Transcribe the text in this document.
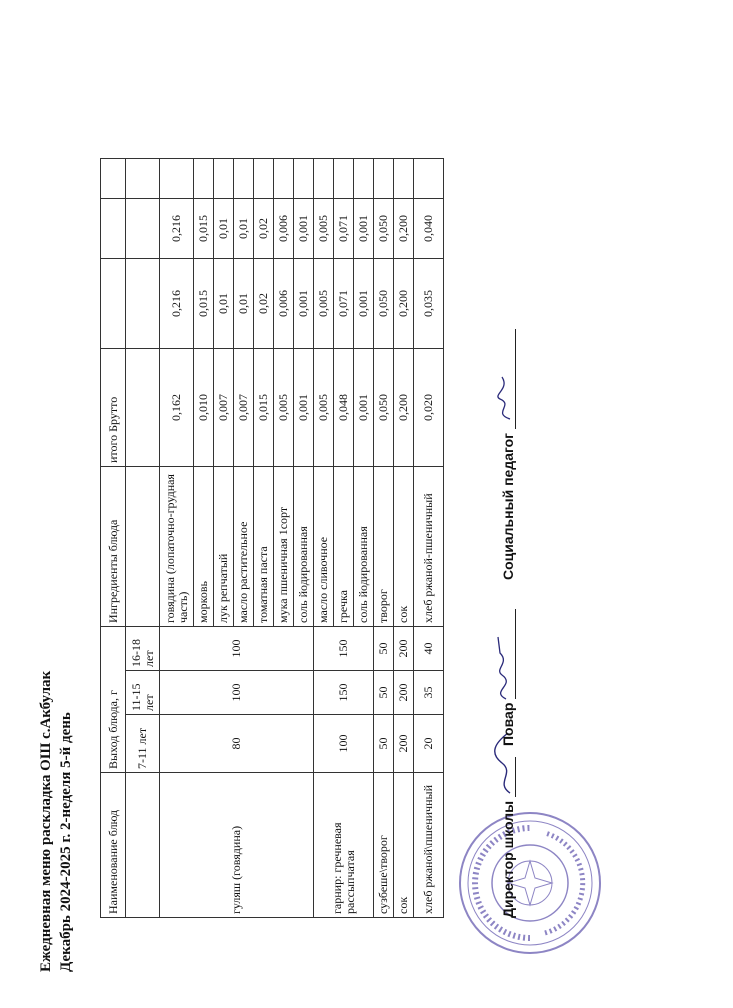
Ежедневная меню раскладка ОШ с.Акбулак Декабрь 2024-2025 г. 2-неделя 5-й день	Наименование блюд	Выход блюда, г			Ингредиенты блюда	итого Брутто			
	7-11 лет	11-15 лет	16-18 лет					
гуляш (говядина)	80	100	100	говядина (лопаточно-грудная часть)	0,162	0,216	0,216	
				морковь	0,010	0,015	0,015	
				лук репчатый	0,007	0,01	0,01	
				масло растительное	0,007	0,01	0,01	
				томатная паста	0,015	0,02	0,02	
				мука пшеничная 1сорт	0,005	0,006	0,006	
				соль йодированная	0,001	0,001	0,001	
гарнир: гречневая рассыпчатая	100	150	150	масло сливочное	0,005	0,005	0,005	
				гречка	0,048	0,071	0,071	
				соль йодированная	0,001	0,001	0,001	
сузбеше\творог	50	50	50	творог	0,050	0,050	0,050	
сок	200	200	200	сок	0,200	0,200	0,200	
хлеб ржаной\пшеничный	20	35	40	хлеб ржаной-пшеничный	0,020	0,035	0,040	
Директор школы
Повар
Социальный педагог
